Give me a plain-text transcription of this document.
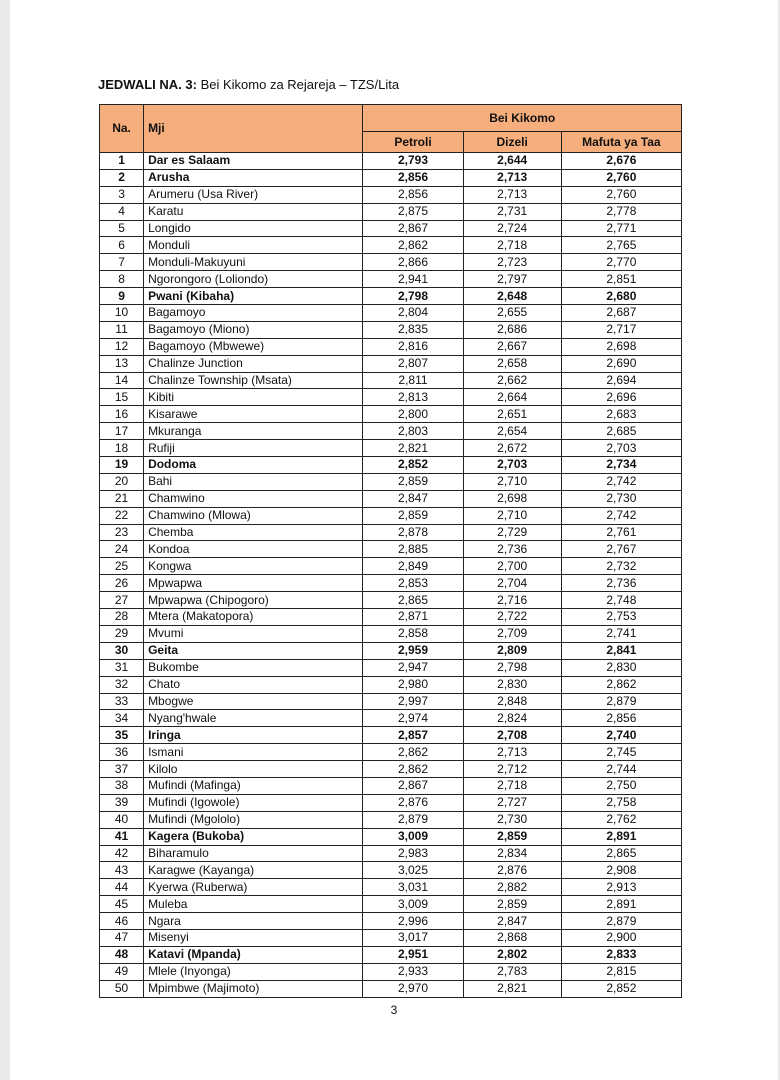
JEDWALI NA. 3: Bei Kikomo za Rejareja – TZS/Lita
Na.	Mji	Bei Kikomo		
		Petroli	Dizeli	Mafuta ya Taa
1	Dar es Salaam	2,793	2,644	2,676
2	Arusha	2,856	2,713	2,760
3	Arumeru (Usa River)	2,856	2,713	2,760
4	Karatu	2,875	2,731	2,778
5	Longido	2,867	2,724	2,771
6	Monduli	2,862	2,718	2,765
7	Monduli-Makuyuni	2,866	2,723	2,770
8	Ngorongoro (Loliondo)	2,941	2,797	2,851
9	Pwani (Kibaha)	2,798	2,648	2,680
10	Bagamoyo	2,804	2,655	2,687
11	Bagamoyo (Miono)	2,835	2,686	2,717
12	Bagamoyo (Mbwewe)	2,816	2,667	2,698
13	Chalinze Junction	2,807	2,658	2,690
14	Chalinze Township (Msata)	2,811	2,662	2,694
15	Kibiti	2,813	2,664	2,696
16	Kisarawe	2,800	2,651	2,683
17	Mkuranga	2,803	2,654	2,685
18	Rufiji	2,821	2,672	2,703
19	Dodoma	2,852	2,703	2,734
20	Bahi	2,859	2,710	2,742
21	Chamwino	2,847	2,698	2,730
22	Chamwino (Mlowa)	2,859	2,710	2,742
23	Chemba	2,878	2,729	2,761
24	Kondoa	2,885	2,736	2,767
25	Kongwa	2,849	2,700	2,732
26	Mpwapwa	2,853	2,704	2,736
27	Mpwapwa (Chipogoro)	2,865	2,716	2,748
28	Mtera (Makatopora)	2,871	2,722	2,753
29	Mvumi	2,858	2,709	2,741
30	Geita	2,959	2,809	2,841
31	Bukombe	2,947	2,798	2,830
32	Chato	2,980	2,830	2,862
33	Mbogwe	2,997	2,848	2,879
34	Nyang'hwale	2,974	2,824	2,856
35	Iringa	2,857	2,708	2,740
36	Ismani	2,862	2,713	2,745
37	Kilolo	2,862	2,712	2,744
38	Mufindi (Mafinga)	2,867	2,718	2,750
39	Mufindi (Igowole)	2,876	2,727	2,758
40	Mufindi (Mgololo)	2,879	2,730	2,762
41	Kagera (Bukoba)	3,009	2,859	2,891
42	Biharamulo	2,983	2,834	2,865
43	Karagwe (Kayanga)	3,025	2,876	2,908
44	Kyerwa (Ruberwa)	3,031	2,882	2,913
45	Muleba	3,009	2,859	2,891
46	Ngara	2,996	2,847	2,879
47	Misenyi	3,017	2,868	2,900
48	Katavi (Mpanda)	2,951	2,802	2,833
49	Mlele (Inyonga)	2,933	2,783	2,815
50	Mpimbwe (Majimoto)	2,970	2,821	2,852
3
